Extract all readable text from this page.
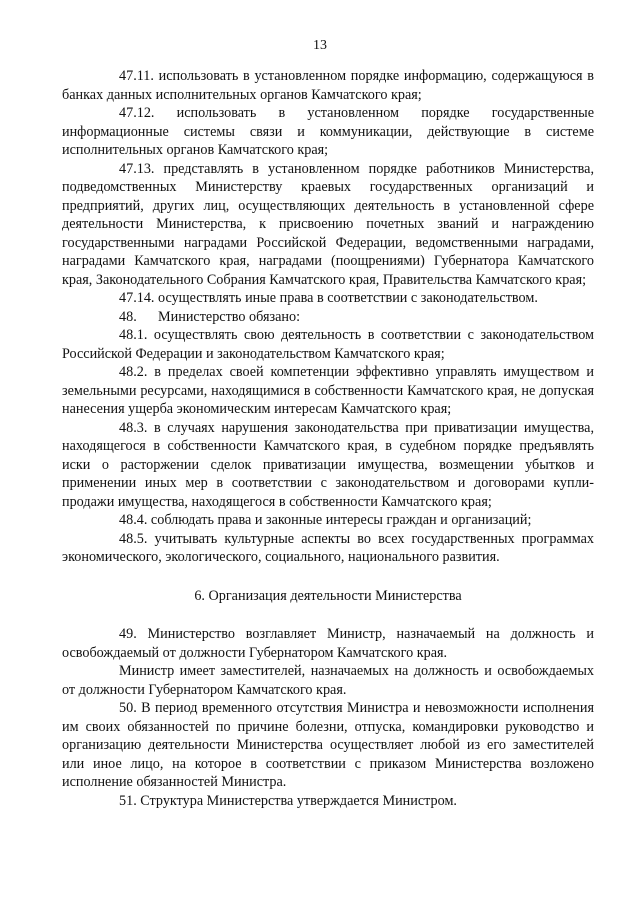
13

47.11. использовать в установленном порядке информацию, содержащуюся в банках данных исполнительных органов Камчатского края;

47.12. использовать в установленном порядке государственные информационные системы связи и коммуникации, действующие в системе исполнительных органов Камчатского края;

47.13. представлять в установленном порядке работников Министерства, подведомственных Министерству краевых государственных организаций и предприятий, других лиц, осуществляющих деятельность в установленной сфере деятельности Министерства, к присвоению почетных званий и награждению государственными наградами Российской Федерации, ведомственными наградами, наградами Камчатского края, наградами (поощрениями) Губернатора Камчатского края, Законодательного Собрания Камчатского края, Правительства Камчатского края;

47.14. осуществлять иные права в соответствии с законодательством.

48.      Министерство обязано:

48.1. осуществлять свою деятельность в соответствии с законодательством Российской Федерации и законодательством Камчатского края;

48.2. в пределах своей компетенции эффективно управлять имуществом и земельными ресурсами, находящимися в собственности Камчатского края, не допуская нанесения ущерба экономическим интересам Камчатского края;

48.3. в случаях нарушения законодательства при приватизации имущества, находящегося в собственности Камчатского края, в судебном порядке предъявлять иски о расторжении сделок приватизации имущества, возмещении убытков и применении иных мер в соответствии с законодательством и договорами купли-продажи имущества, находящегося в собственности Камчатского края;

48.4. соблюдать права и законные интересы граждан и организаций;

48.5. учитывать культурные аспекты во всех государственных программах экономического, экологического, социального, национального развития.

6. Организация деятельности Министерства

49. Министерство возглавляет Министр, назначаемый на должность и освобождаемый от должности Губернатором Камчатского края.

Министр имеет заместителей, назначаемых на должность и освобождаемых от должности Губернатором Камчатского края.

50. В период временного отсутствия Министра и невозможности исполнения им своих обязанностей по причине болезни, отпуска, командировки руководство и организацию деятельности Министерства осуществляет любой из его заместителей или иное лицо, на которое в соответствии с приказом Министерства возложено исполнение обязанностей Министра.

51. Структура Министерства утверждается Министром.
